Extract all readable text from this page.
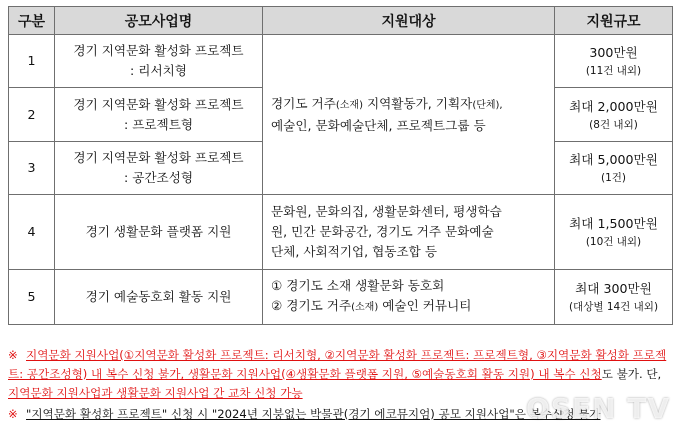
구분	공모사업명	지원대상	지원규모
1	경기 지역문화 활성화 프로젝트
: 리서치형	경기도 거주(소재) 지역활동가, 기획자(단체),
예술인, 문화예술단체, 프로젝트그룹 등	300만원
(11건 내외)

2	경기 지역문화 활성화 프로젝트
: 프로젝트형		최대 2,000만원
(8건 내외)

3	경기 지역문화 활성화 프로젝트
: 공간조성형		최대 5,000만원
(1건)

4	경기 생활문화 플랫폼 지원	문화원, 문화의집, 생활문화센터, 평생학습
원, 민간 문화공간, 경기도 거주 문화예술
단체, 사회적기업, 협동조합 등	최대 1,500만원
(10건 내외)

5	경기 예술동호회 활동 지원	① 경기도 소재 생활문화 동호회
② 경기도 거주(소재) 예술인 커뮤니티	최대 300만원
(대상별 14건 내외)

※ 지역문화 지원사업(①지역문화 활성화 프로젝트: 리서치형, ②지역문화 활성화 프로젝트: 프로젝트형, ③지역문화 활성화 프로젝트: 공간조성형) 내 복수 신청 불가, 생활문화 지원사업(④생활문화 플랫폼 지원, ⑤예술동호회 활동 지원) 내 복수 신청도 불가. 단, 지역문화 지원사업과 생활문화 지원사업 간 교차 신청 가능

※ "지역문화 활성화 프로젝트" 신청 시 "2024년 지붕없는 박물관(경기 에코뮤지엄) 공모 지원사업"은 복수신청 불가

OSEN TV
